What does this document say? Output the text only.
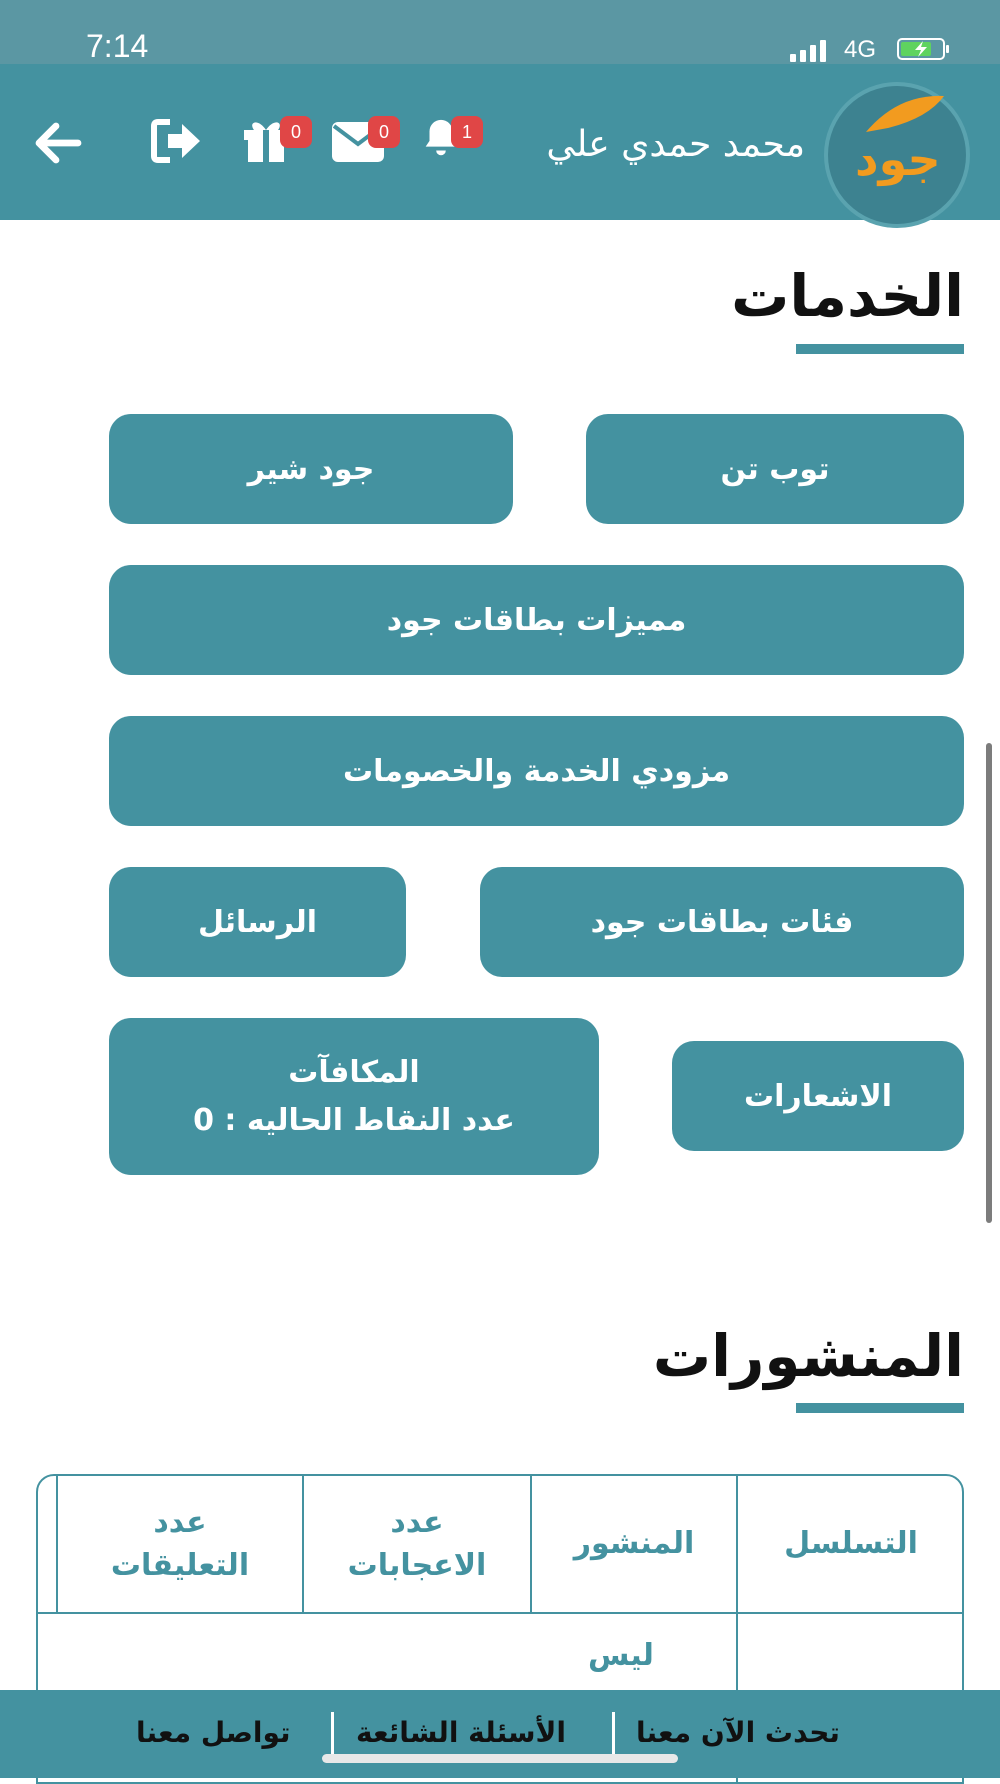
7:14	4G
جود
محمد حمدي علي
1
0
0
الخدمات
توب تن
جود شير
مميزات بطاقات جود
مزودي الخدمة والخصومات
فئات بطاقات جود
الرسائل
الاشعارات
المكافآت
عدد النقاط الحاليه : 0
المنشورات
التسلسل
المنشور
عدد الاعجابات
عدد التعليقات
ليس
تحدث الآن معنا
الأسئلة الشائعة
تواصل معنا
